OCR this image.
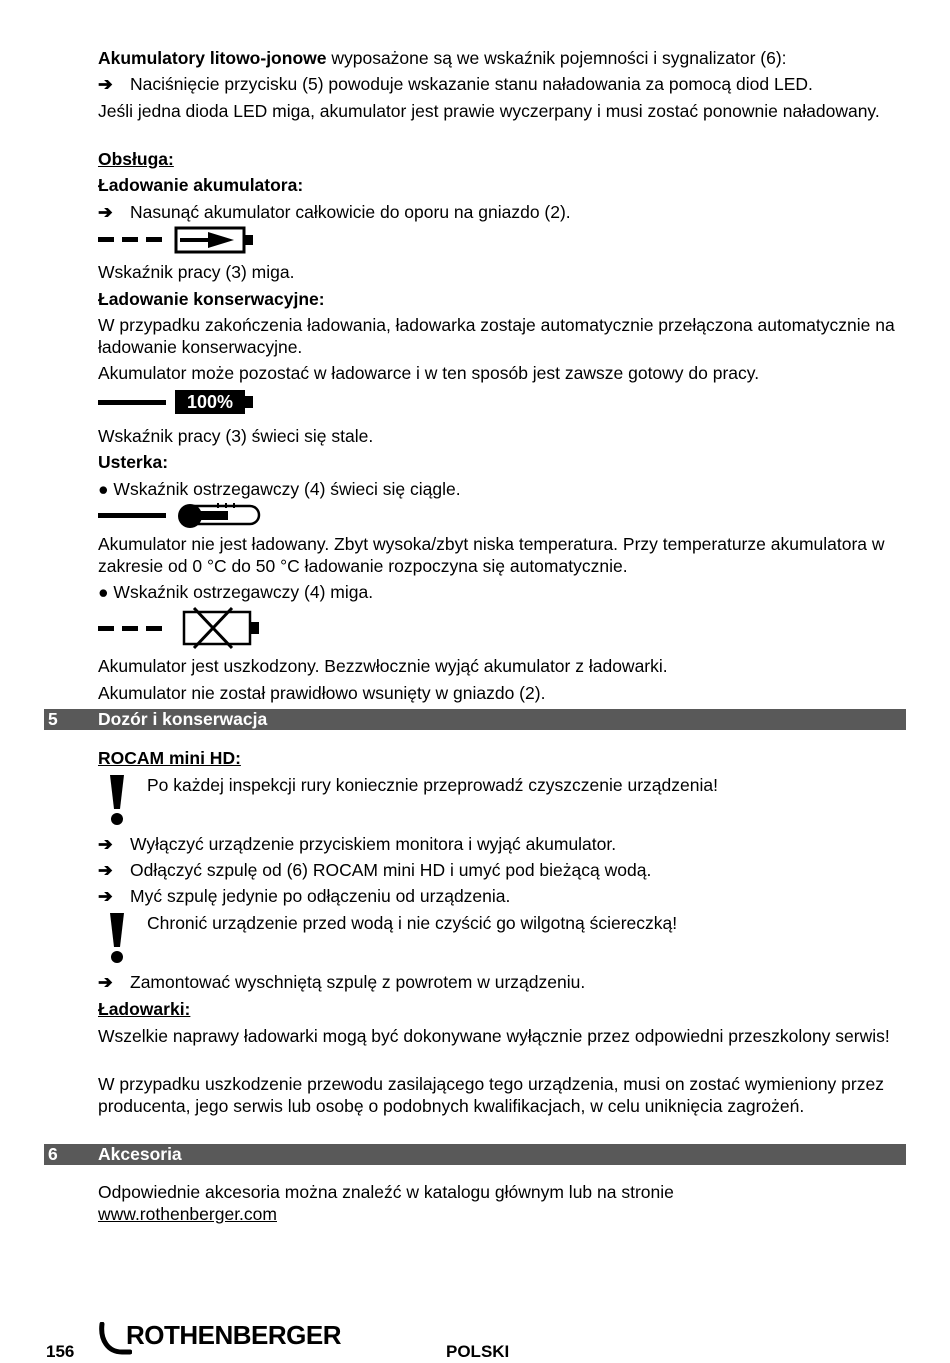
Akumulatory litowo-jonowe wyposażone są we wskaźnik pojemności i sygnalizator (6):
➔ Naciśnięcie przycisku (5) powoduje wskazanie stanu naładowania za pomocą diod LED.
Jeśli jedna dioda LED miga, akumulator jest prawie wyczerpany i musi zostać ponownie naładowany.
Obsługa:
Ładowanie akumulatora:
➔ Nasunąć akumulator całkowicie do oporu na gniazdo (2).
Wskaźnik pracy (3) miga.
Ładowanie konserwacyjne:
W przypadku zakończenia ładowania, ładowarka zostaje automatycznie przełączona automatycznie na ładowanie konserwacyjne.
Akumulator może pozostać w ładowarce i w ten sposób jest zawsze gotowy do pracy.
100%
Wskaźnik pracy (3) świeci się stale.
Usterka:
● Wskaźnik ostrzegawczy (4) świeci się ciągle.
Akumulator nie jest ładowany. Zbyt wysoka/zbyt niska temperatura. Przy temperaturze akumulatora w zakresie od 0 °C do 50 °C ładowanie rozpoczyna się automatycznie.
● Wskaźnik ostrzegawczy (4) miga.
Akumulator jest uszkodzony. Bezzwłocznie wyjąć akumulator z ładowarki.
Akumulator nie został prawidłowo wsunięty w gniazdo (2).
5 Dozór i konserwacja
ROCAM mini HD:
Po każdej inspekcji rury koniecznie przeprowadź czyszczenie urządzenia!
➔ Wyłączyć urządzenie przyciskiem monitora i wyjąć akumulator.
➔ Odłączyć szpulę od (6) ROCAM mini HD i umyć pod bieżącą wodą.
➔ Myć szpulę jedynie po odłączeniu od urządzenia.
Chronić urządzenie przed wodą i nie czyścić go wilgotną ściereczką!
➔ Zamontować wyschniętą szpulę z powrotem w urządzeniu.
Ładowarki:
Wszelkie naprawy ładowarki mogą być dokonywane wyłącznie przez odpowiedni przeszkolony serwis!
W przypadku uszkodzenie przewodu zasilającego tego urządzenia, musi on zostać wymieniony przez producenta, jego serwis lub osobę o podobnych kwalifikacjach, w celu uniknięcia zagrożeń.
6 Akcesoria
Odpowiednie akcesoria można znaleźć w katalogu głównym lub na stronie
www.rothenberger.com
156
ROTHENBERGER
POLSKI
